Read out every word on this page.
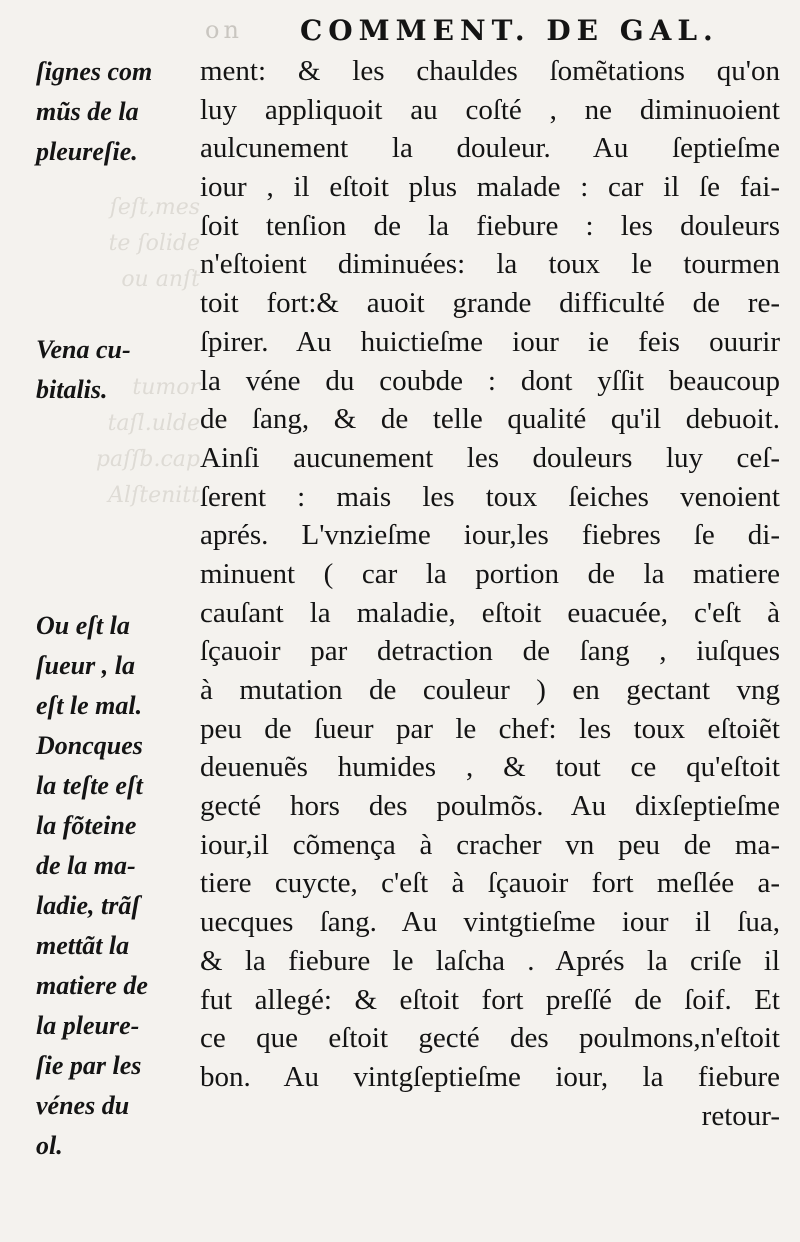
on COMMENT. DE GAL.
ſeſt,mes
te ſolide
ou anſt
tumor
taſl.ulde
paſſb.cap
Alſtenitt
ſignes com
mũs de la
pleureſie.
Vena cu-
bitalis.
Ou eſt la
ſueur , la
eſt le mal.
Doncques
la teſte eſt
la fõteine
de la ma-
ladie, trãſ
mettãt la
matiere de
la pleure-
ſie par les
vénes du
ol.
ment: & les chauldes ſomẽtations qu'on
luy appliquoit au coſté , ne diminuoient
aulcunement la douleur. Au ſeptieſme
iour , il eſtoit plus malade : car il ſe fai-
ſoit tenſion de la fiebure : les douleurs
n'eſtoient diminuées: la toux le tourmen
toit fort:& auoit grande difficulté de re-
ſpirer. Au huictieſme iour ie feis ouurir
la véne du coubde : dont yſſit beaucoup
de ſang, & de telle qualité qu'il debuoit.
Ainſi aucunement les douleurs luy ceſ-
ſerent : mais les toux ſeiches venoient
aprés. L'vnzieſme iour,les fiebres ſe di-
minuent ( car la portion de la matiere
cauſant la maladie, eſtoit euacuée, c'eſt à
ſçauoir par detraction de ſang , iuſques
à mutation de couleur ) en gectant vng
peu de ſueur par le chef: les toux eſtoiẽt
deuenuẽs humides , & tout ce qu'eſtoit
gecté hors des poulmõs. Au dixſeptieſme
iour,il cõmença à cracher vn peu de ma-
tiere cuycte, c'eſt à ſçauoir fort meſlée a-
uecques ſang. Au vintgtieſme iour il ſua,
& la fiebure le laſcha . Aprés la criſe il
fut allegé: & eſtoit fort preſſé de ſoif. Et
ce que eſtoit gecté des poulmons,n'eſtoit
bon. Au vintgſeptieſme iour, la fiebure
retour-
